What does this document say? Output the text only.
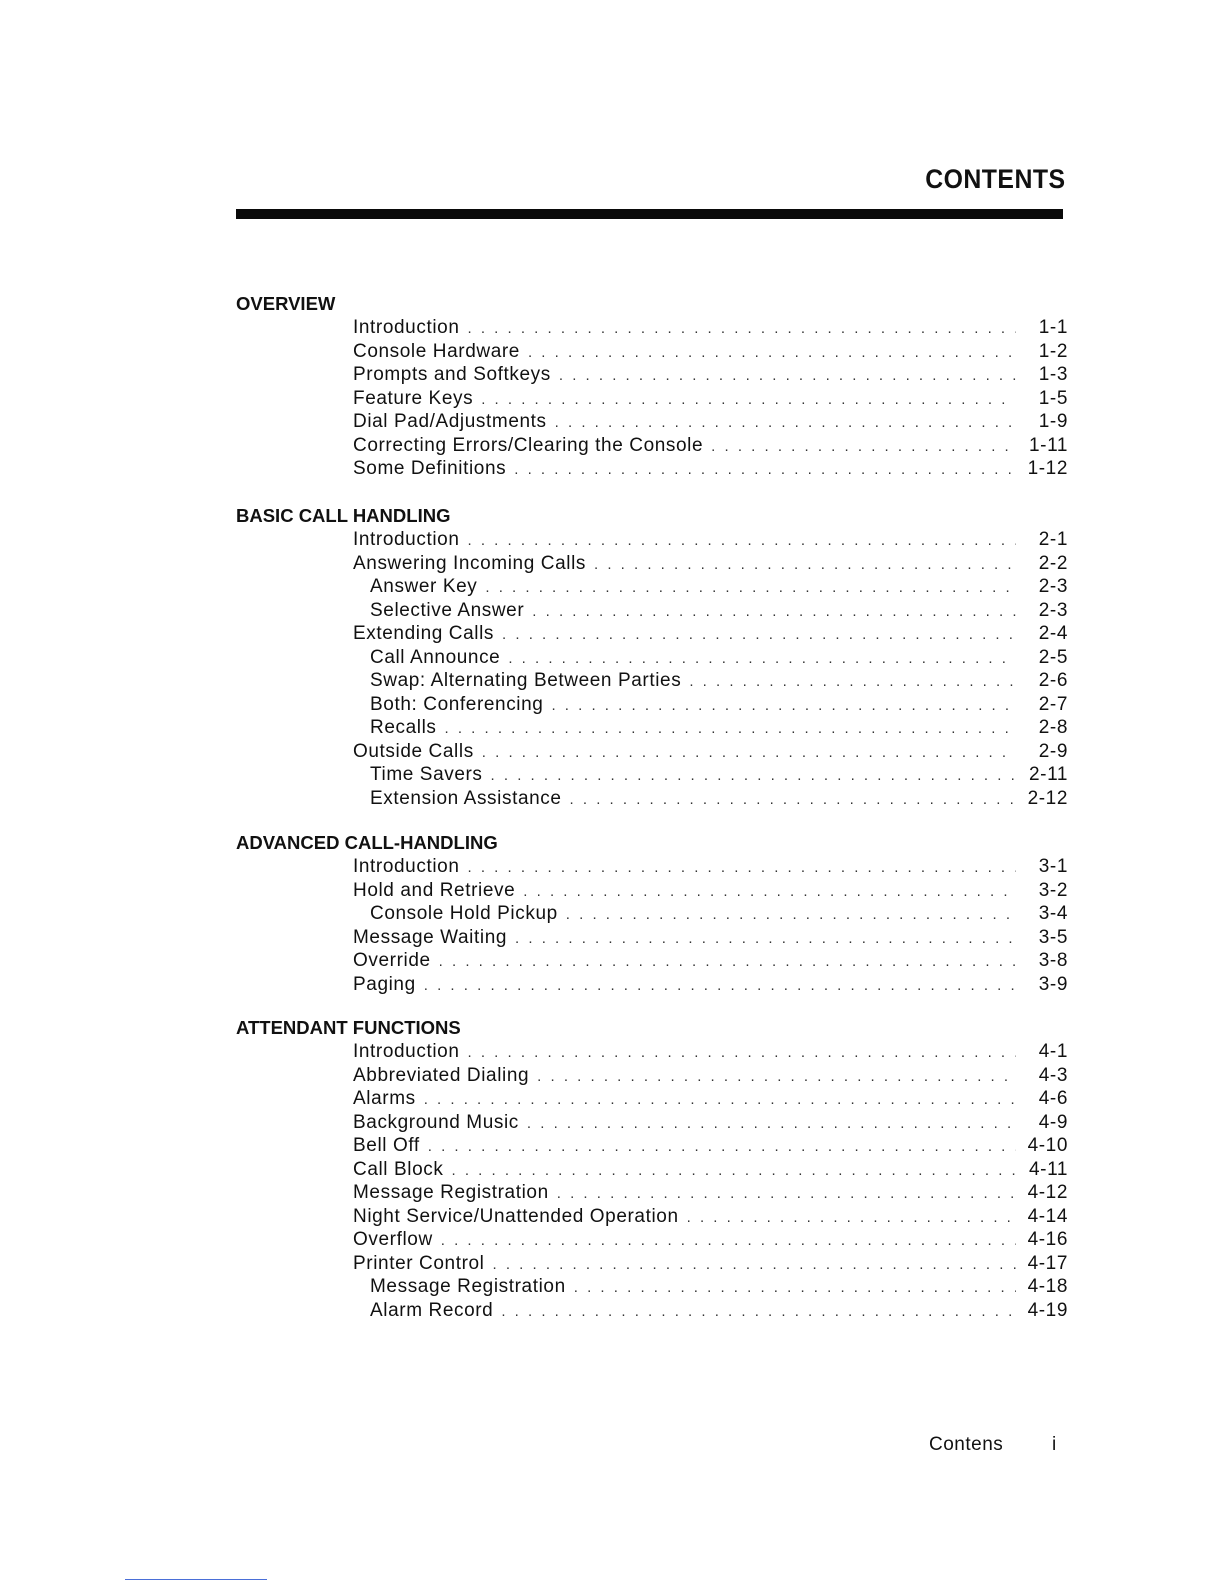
CONTENTS
OVERVIEW
Introduction . . .	1-1
Console Hardware . . .	1-2
Prompts and Softkeys . . .	1-3
Feature Keys . . .	1-5
Dial Pad/Adjustments . . .	1-9
Correcting Errors/Clearing the Console . . .	1-11
Some Definitions . . .	1-12
BASIC CALL HANDLING
Introduction . . .	2-1
Answering Incoming Calls . . .	2-2
Answer Key . . .	2-3
Selective Answer . . .	2-3
Extending Calls . . .	2-4
Call Announce . . .	2-5
Swap: Alternating Between Parties . . .	2-6
Both: Conferencing . . .	2-7
Recalls . . .	2-8
Outside Calls . . .	2-9
Time Savers . . .	2-11
Extension Assistance . . .	2-12
ADVANCED CALL-HANDLING
Introduction . . .	3-1
Hold and Retrieve . . .	3-2
Console Hold Pickup . . .	3-4
Message Waiting . . .	3-5
Override . . .	3-8
Paging . . .	3-9
ATTENDANT FUNCTIONS
Introduction . . .	4-1
Abbreviated Dialing . . .	4-3
Alarms . . .	4-6
Background Music . . .	4-9
Bell Off . . .	4-10
Call Block . . .	4-11
Message Registration . . .	4-12
Night Service/Unattended Operation . . .	4-14
Overflow . . .	4-16
Printer Control . . .	4-17
Message Registration . . .	4-18
Alarm Record . . .	4-19
Contens	i
